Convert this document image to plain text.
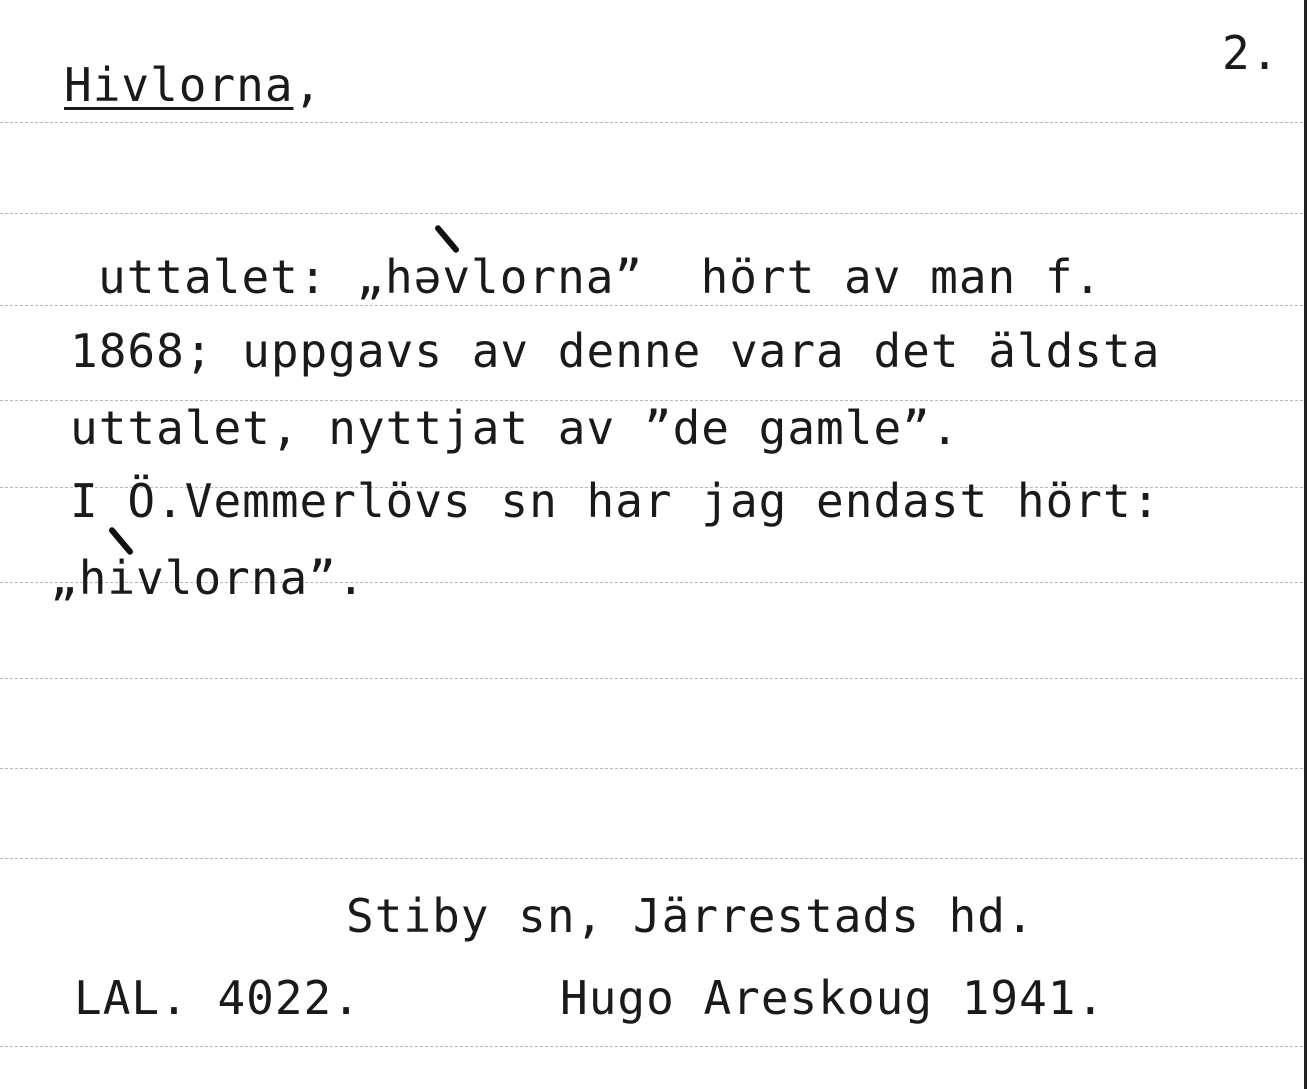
Hivlorna,
2.
uttalet: „həvlorna”  hört av man f.
1868; uppgavs av denne vara det äldsta
uttalet, nyttjat av ”de gamle”.
I Ö.Vemmerlövs sn har jag endast hört:
„hivlorna”.
Stiby sn, Järrestads hd.
LAL. 4022.	Hugo Areskoug 1941.
